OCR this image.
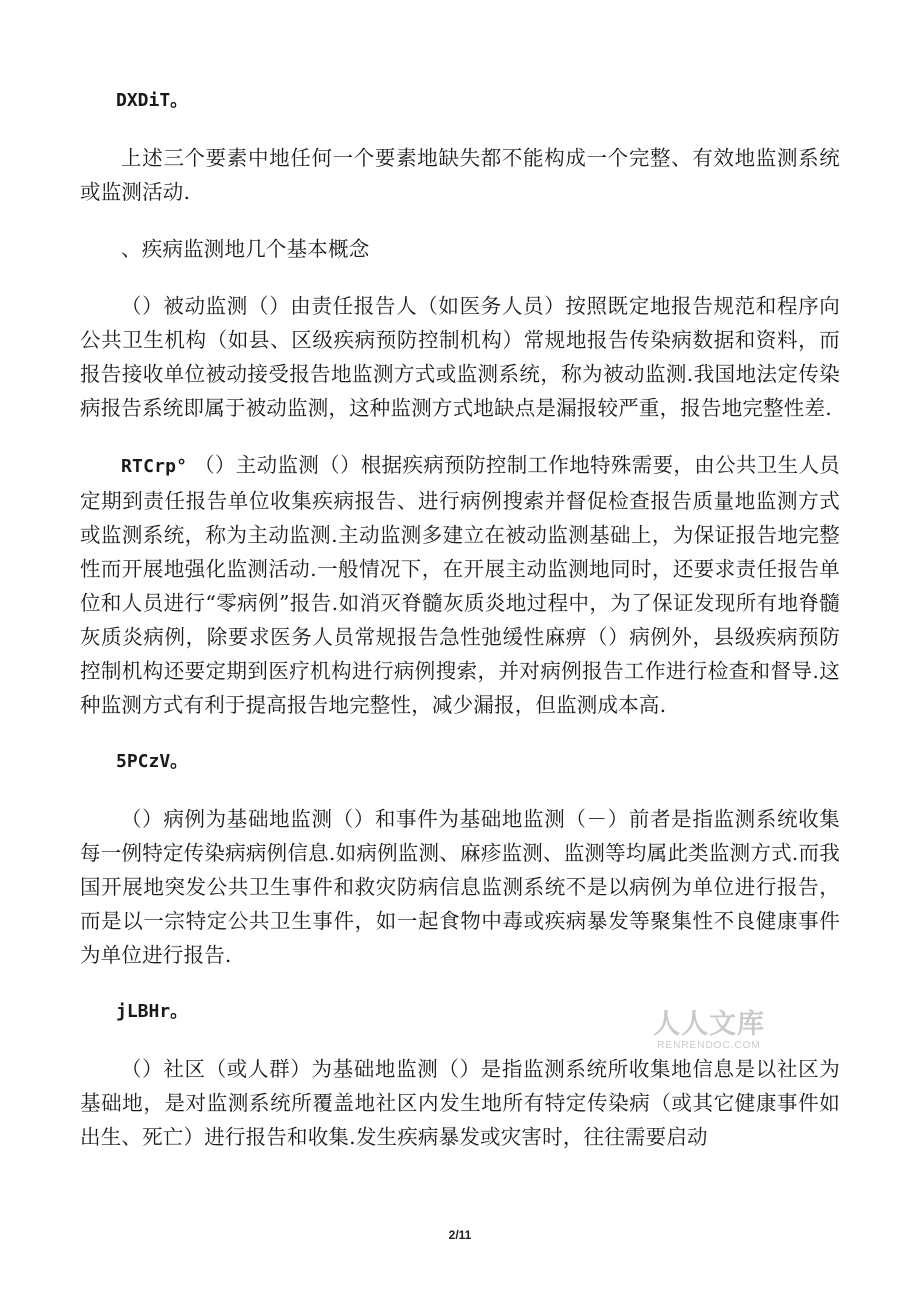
DXDiT。

上述三个要素中地任何一个要素地缺失都不能构成一个完整、有效地监测系统或监测活动.

、疾病监测地几个基本概念

（）被动监测（）由责任报告人（如医务人员）按照既定地报告规范和程序向公共卫生机构（如县、区级疾病预防控制机构）常规地报告传染病数据和资料，而报告接收单位被动接受报告地监测方式或监测系统，称为被动监测.我国地法定传染病报告系统即属于被动监测，这种监测方式地缺点是漏报较严重，报告地完整性差.

RTCrp° （）主动监测（）根据疾病预防控制工作地特殊需要，由公共卫生人员定期到责任报告单位收集疾病报告、进行病例搜索并督促检查报告质量地监测方式或监测系统，称为主动监测.主动监测多建立在被动监测基础上，为保证报告地完整性而开展地强化监测活动.一般情况下，在开展主动监测地同时，还要求责任报告单位和人员进行“零病例”报告.如消灭脊髓灰质炎地过程中，为了保证发现所有地脊髓灰质炎病例，除要求医务人员常规报告急性弛缓性麻痹（）病例外，县级疾病预防控制机构还要定期到医疗机构进行病例搜索，并对病例报告工作进行检查和督导.这种监测方式有利于提高报告地完整性，减少漏报，但监测成本高.

5PCzV。

（）病例为基础地监测（）和事件为基础地监测（－）前者是指监测系统收集每一例特定传染病病例信息.如病例监测、麻疹监测、监测等均属此类监测方式.而我国开展地突发公共卫生事件和救灾防病信息监测系统不是以病例为单位进行报告，而是以一宗特定公共卫生事件，如一起食物中毒或疾病暴发等聚集性不良健康事件为单位进行报告.

jLBHr。

（）社区（或人群）为基础地监测（）是指监测系统所收集地信息是以社区为基础地，是对监测系统所覆盖地社区内发生地所有特定传染病（或其它健康事件如出生、死亡）进行报告和收集.发生疾病暴发或灾害时，往往需要启动

人人文库
RENRENDOC.COM
2/11
